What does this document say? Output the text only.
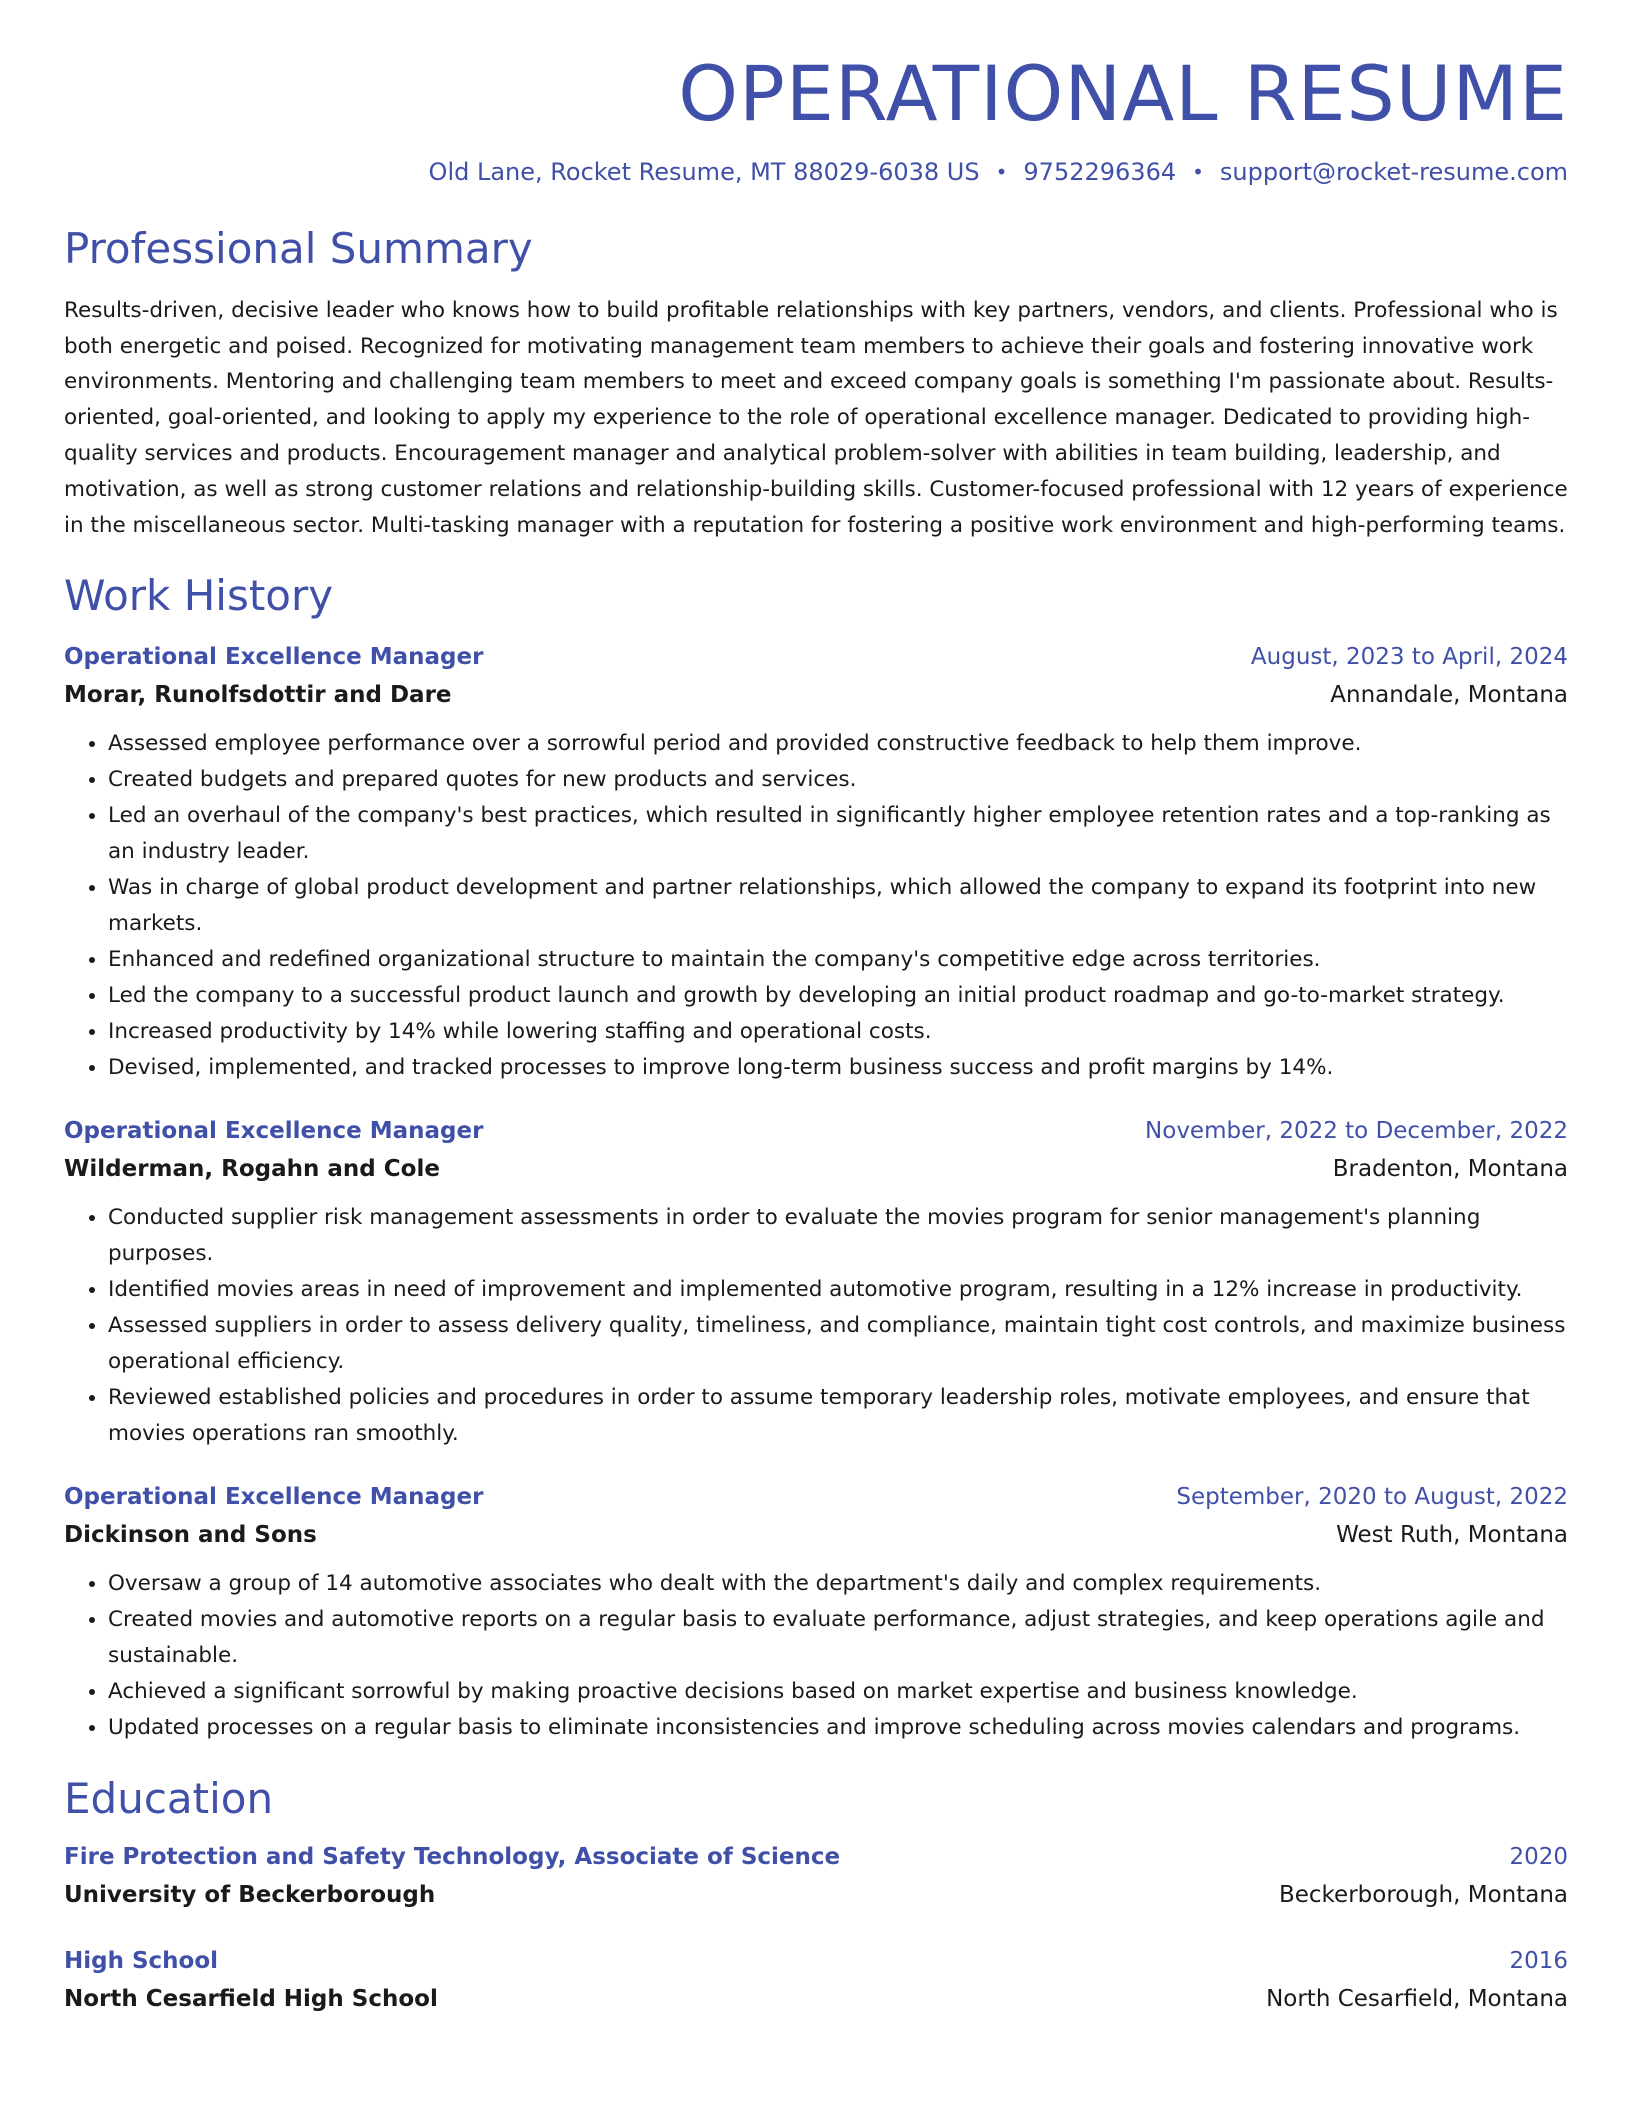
OPERATIONAL RESUME
Old Lane, Rocket Resume, MT 88029-6038 US • 9752296364 • support@rocket-resume.com
Professional Summary

Results-driven, decisive leader who knows how to build profitable relationships with key partners, vendors, and clients. Professional who is both energetic and poised. Recognized for motivating management team members to achieve their goals and fostering innovative work environments. Mentoring and challenging team members to meet and exceed company goals is something I'm passionate about. Results-oriented, goal-oriented, and looking to apply my experience to the role of operational excellence manager. Dedicated to providing high-quality services and products. Encouragement manager and analytical problem-solver with abilities in team building, leadership, and motivation, as well as strong customer relations and relationship-building skills. Customer-focused professional with 12 years of experience in the miscellaneous sector. Multi-tasking manager with a reputation for fostering a positive work environment and high-performing teams.

Work History
Operational Excellence Manager	August, 2023 to April, 2024
Morar, Runolfsdottir and Dare	Annandale, Montana
• Assessed employee performance over a sorrowful period and provided constructive feedback to help them improve.
• Created budgets and prepared quotes for new products and services.
• Led an overhaul of the company's best practices, which resulted in significantly higher employee retention rates and a top-ranking as an industry leader.
• Was in charge of global product development and partner relationships, which allowed the company to expand its footprint into new markets.
• Enhanced and redefined organizational structure to maintain the company's competitive edge across territories.
• Led the company to a successful product launch and growth by developing an initial product roadmap and go-to-market strategy.
• Increased productivity by 14% while lowering staffing and operational costs.
• Devised, implemented, and tracked processes to improve long-term business success and profit margins by 14%.
Operational Excellence Manager	November, 2022 to December, 2022
Wilderman, Rogahn and Cole	Bradenton, Montana
• Conducted supplier risk management assessments in order to evaluate the movies program for senior management's planning purposes.
• Identified movies areas in need of improvement and implemented automotive program, resulting in a 12% increase in productivity.
• Assessed suppliers in order to assess delivery quality, timeliness, and compliance, maintain tight cost controls, and maximize business operational efficiency.
• Reviewed established policies and procedures in order to assume temporary leadership roles, motivate employees, and ensure that movies operations ran smoothly.
Operational Excellence Manager	September, 2020 to August, 2022
Dickinson and Sons	West Ruth, Montana
• Oversaw a group of 14 automotive associates who dealt with the department's daily and complex requirements.
• Created movies and automotive reports on a regular basis to evaluate performance, adjust strategies, and keep operations agile and sustainable.
• Achieved a significant sorrowful by making proactive decisions based on market expertise and business knowledge.
• Updated processes on a regular basis to eliminate inconsistencies and improve scheduling across movies calendars and programs.
Education
Fire Protection and Safety Technology, Associate of Science	2020
University of Beckerborough	Beckerborough, Montana
High School	2016
North Cesarfield High School	North Cesarfield, Montana
